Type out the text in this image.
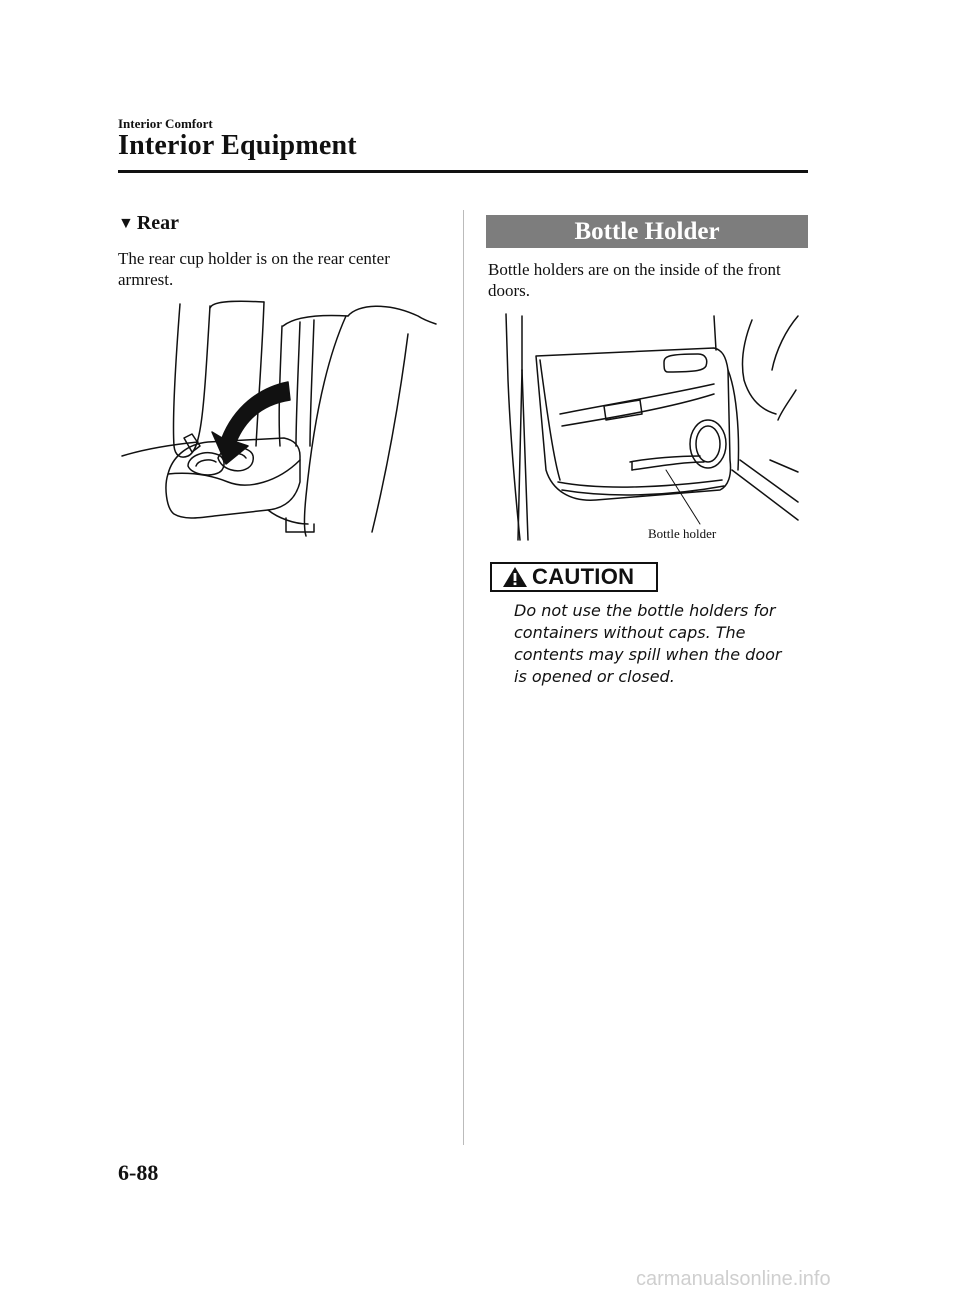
Interior Comfort
Interior Equipment
▼ Rear
The rear cup holder is on the rear center armrest.
Bottle Holder
Bottle holders are on the inside of the front doors.
Bottle holder
CAUTION
Do not use the bottle holders for containers without caps. The contents may spill when the door is opened or closed.
6-88
carmanualsonline.info
